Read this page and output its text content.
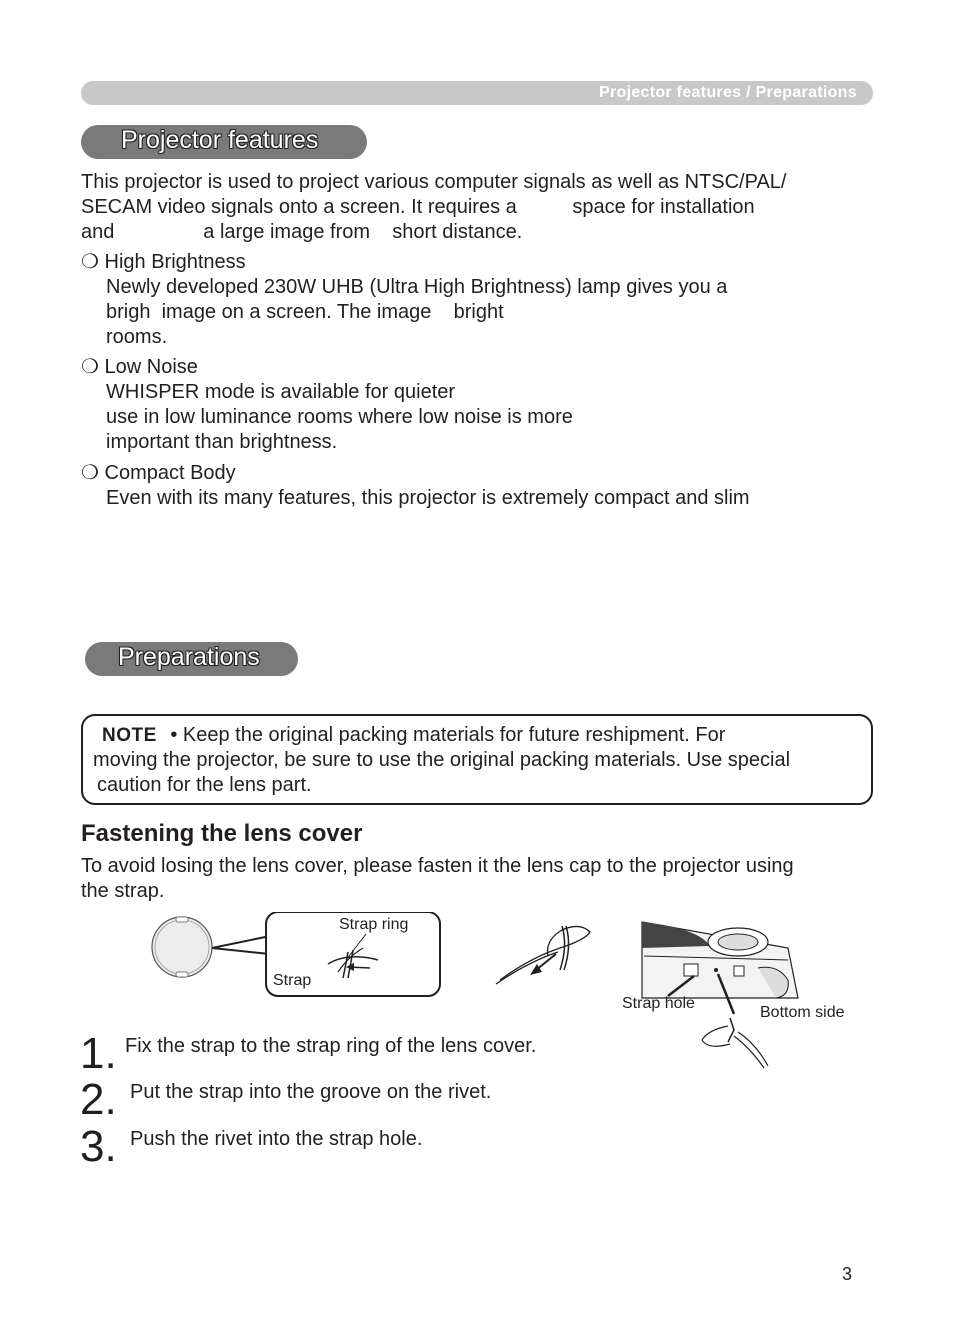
Projector features / Preparations
Projector features
This projector is used to project various computer signals as well as NTSC/PAL/
SECAM video signals onto a screen. It requires a          space for installation
and                a large image from    short distance.
❍ High Brightness
Newly developed 230W UHB (Ultra High Brightness) lamp gives you a
brigh  image on a screen. The image    bright
rooms.
❍ Low Noise
WHISPER mode is available for quieter
use in low luminance rooms where low noise is more
important than brightness.
❍ Compact Body
Even with its many features, this projector is extremely compact and slim
Preparations
NOTE • Keep the original packing materials for future reshipment. For
moving the projector, be sure to use the original packing materials. Use special
caution for the lens part.
Fastening the lens cover
To avoid losing the lens cover, please fasten it the lens cap to the projector using
the strap.
Strap ring
Strap
Strap hole
Bottom side
1. Fix the strap to the strap ring of the lens cover.
2. Put the strap into the groove on the rivet.
3. Push the rivet into the strap hole.
3
